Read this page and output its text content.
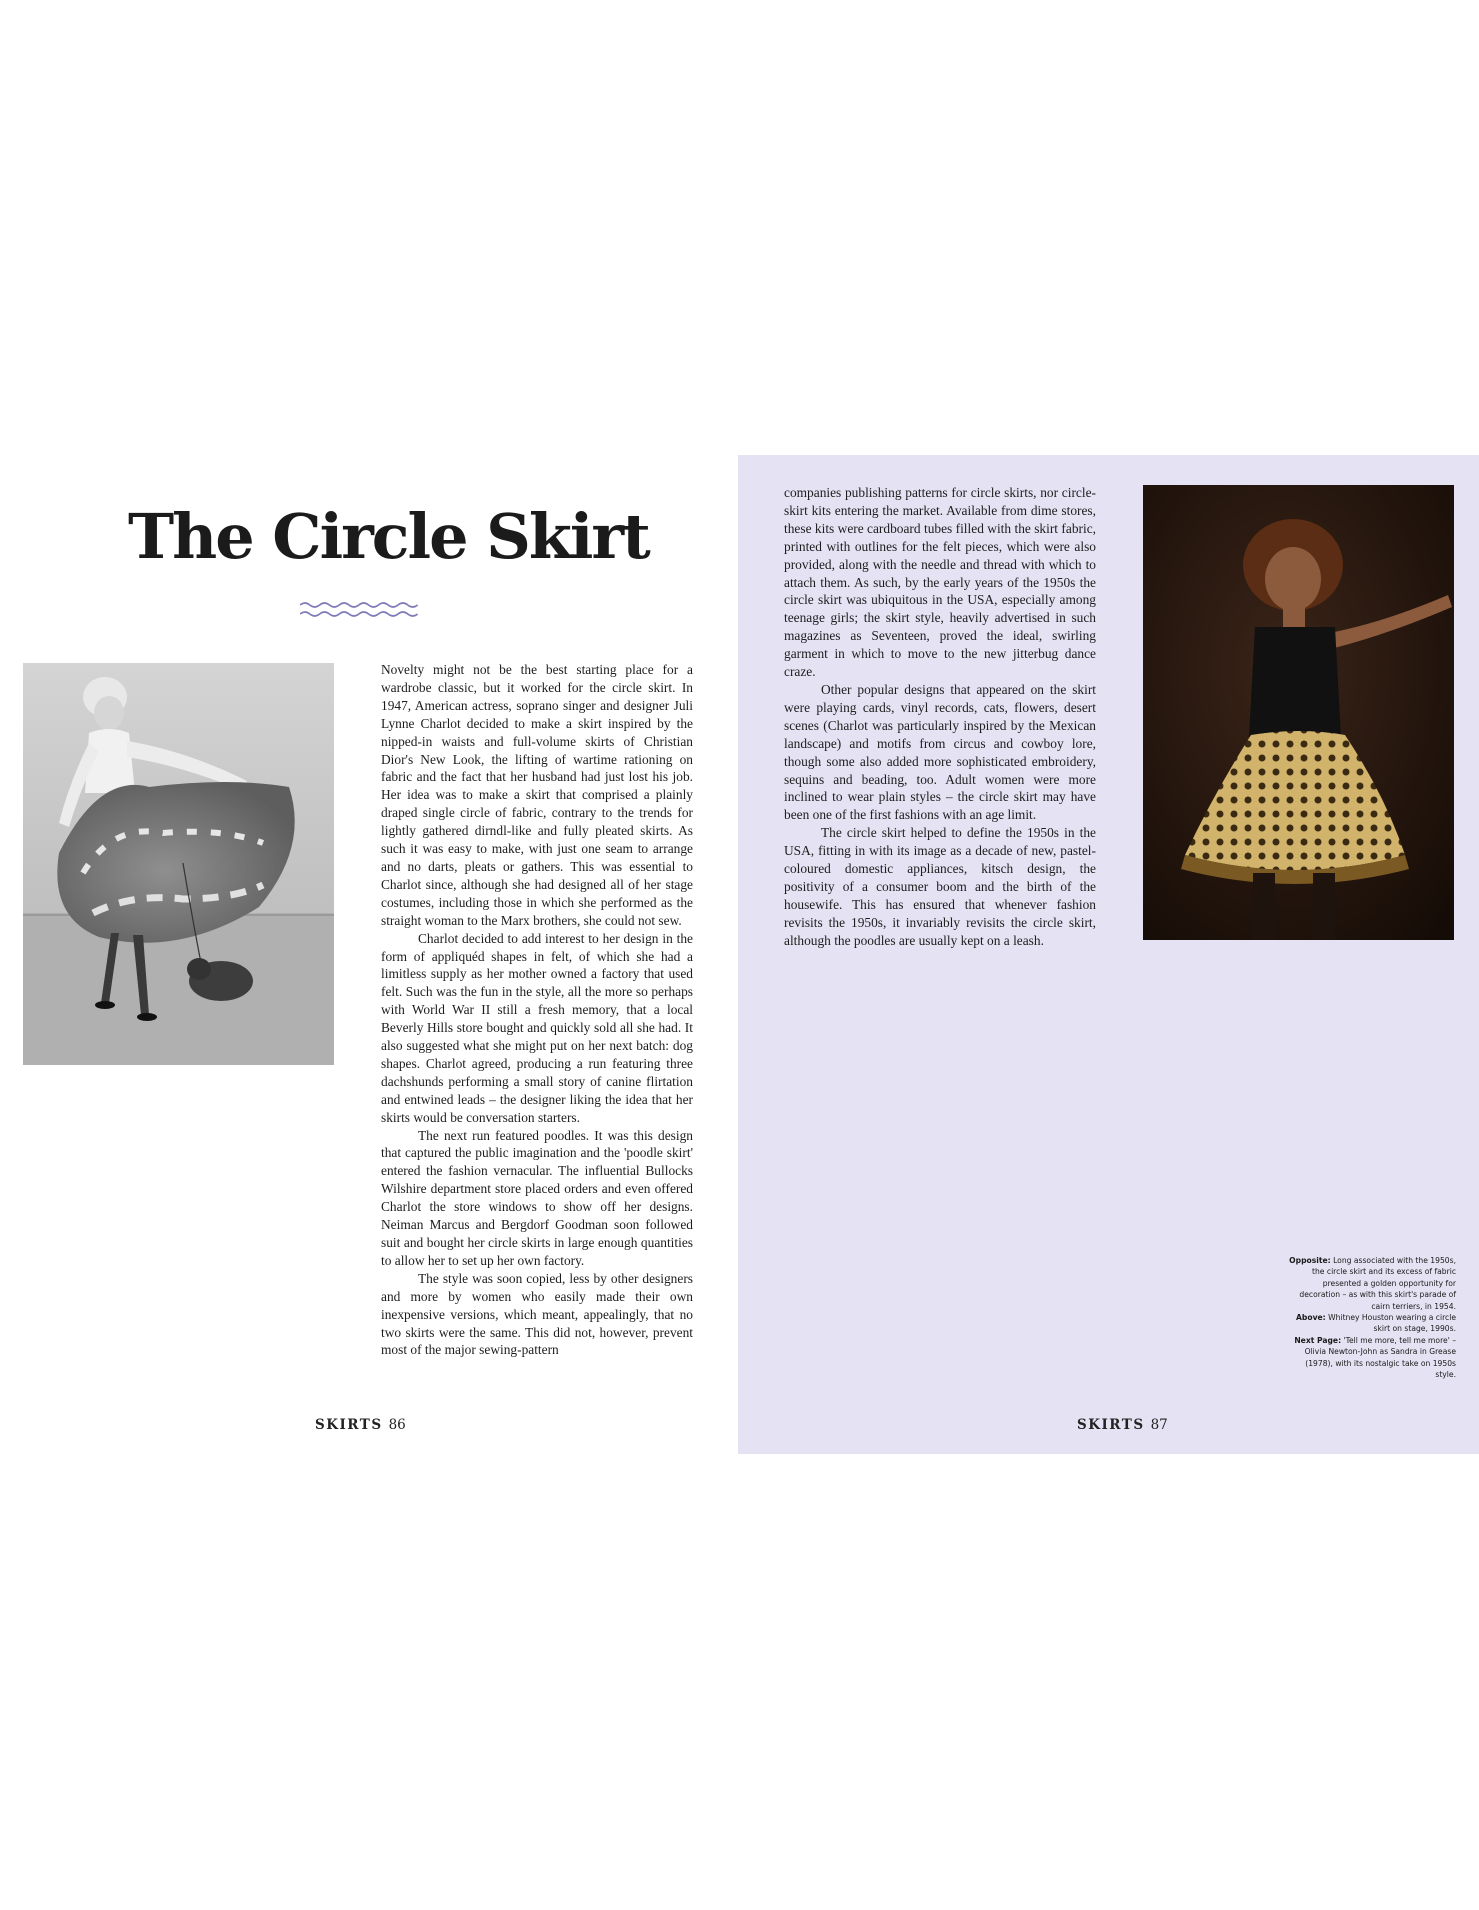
The Circle Skirt

Novelty might not be the best starting place for a wardrobe classic, but it worked for the circle skirt. In 1947, American actress, soprano singer and designer Juli Lynne Charlot decided to make a skirt inspired by the nipped-in waists and full-volume skirts of Christian Dior's New Look, the lifting of wartime rationing on fabric and the fact that her husband had just lost his job. Her idea was to make a skirt that comprised a plainly draped single circle of fabric, contrary to the trends for lightly gathered dirndl-like and fully pleated skirts. As such it was easy to make, with just one seam to arrange and no darts, pleats or gathers. This was essential to Charlot since, although she had designed all of her stage costumes, including those in which she performed as the straight woman to the Marx brothers, she could not sew.

Charlot decided to add interest to her design in the form of appliquéd shapes in felt, of which she had a limitless supply as her mother owned a factory that used felt. Such was the fun in the style, all the more so perhaps with World War II still a fresh memory, that a local Beverly Hills store bought and quickly sold all she had. It also suggested what she might put on her next batch: dog shapes. Charlot agreed, producing a run featuring three dachshunds performing a small story of canine flirtation and entwined leads – the designer liking the idea that her skirts would be conversation starters.

The next run featured poodles. It was this design that captured the public imagination and the 'poodle skirt' entered the fashion vernacular. The influential Bullocks Wilshire department store placed orders and even offered Charlot the store windows to show off her designs. Neiman Marcus and Bergdorf Goodman soon followed suit and bought her circle skirts in large enough quantities to allow her to set up her own factory.

The style was soon copied, less by other designers and more by women who easily made their own inexpensive versions, which meant, appealingly, that no two skirts were the same. This did not, however, prevent most of the major sewing-pattern

companies publishing patterns for circle skirts, nor circle-skirt kits entering the market. Available from dime stores, these kits were cardboard tubes filled with the skirt fabric, printed with outlines for the felt pieces, which were also provided, along with the needle and thread with which to attach them. As such, by the early years of the 1950s the circle skirt was ubiquitous in the USA, especially among teenage girls; the skirt style, heavily advertised in such magazines as Seventeen, proved the ideal, swirling garment in which to move to the new jitterbug dance craze.

Other popular designs that appeared on the skirt were playing cards, vinyl records, cats, flowers, desert scenes (Charlot was particularly inspired by the Mexican landscape) and motifs from circus and cowboy lore, though some also added more sophisticated embroidery, sequins and beading, too. Adult women were more inclined to wear plain styles – the circle skirt may have been one of the first fashions with an age limit.

The circle skirt helped to define the 1950s in the USA, fitting in with its image as a decade of new, pastel-coloured domestic appliances, kitsch design, the positivity of a consumer boom and the birth of the housewife. This has ensured that whenever fashion revisits the 1950s, it invariably revisits the circle skirt, although the poodles are usually kept on a leash.

Opposite: Long associated with the 1950s, the circle skirt and its excess of fabric presented a golden opportunity for decoration – as with this skirt's parade of cairn terriers, in 1954.
Above: Whitney Houston wearing a circle skirt on stage, 1990s.
Next Page: 'Tell me more, tell me more' – Olivia Newton-John as Sandra in Grease (1978), with its nostalgic take on 1950s style.
SKIRTS 86	SKIRTS 87
